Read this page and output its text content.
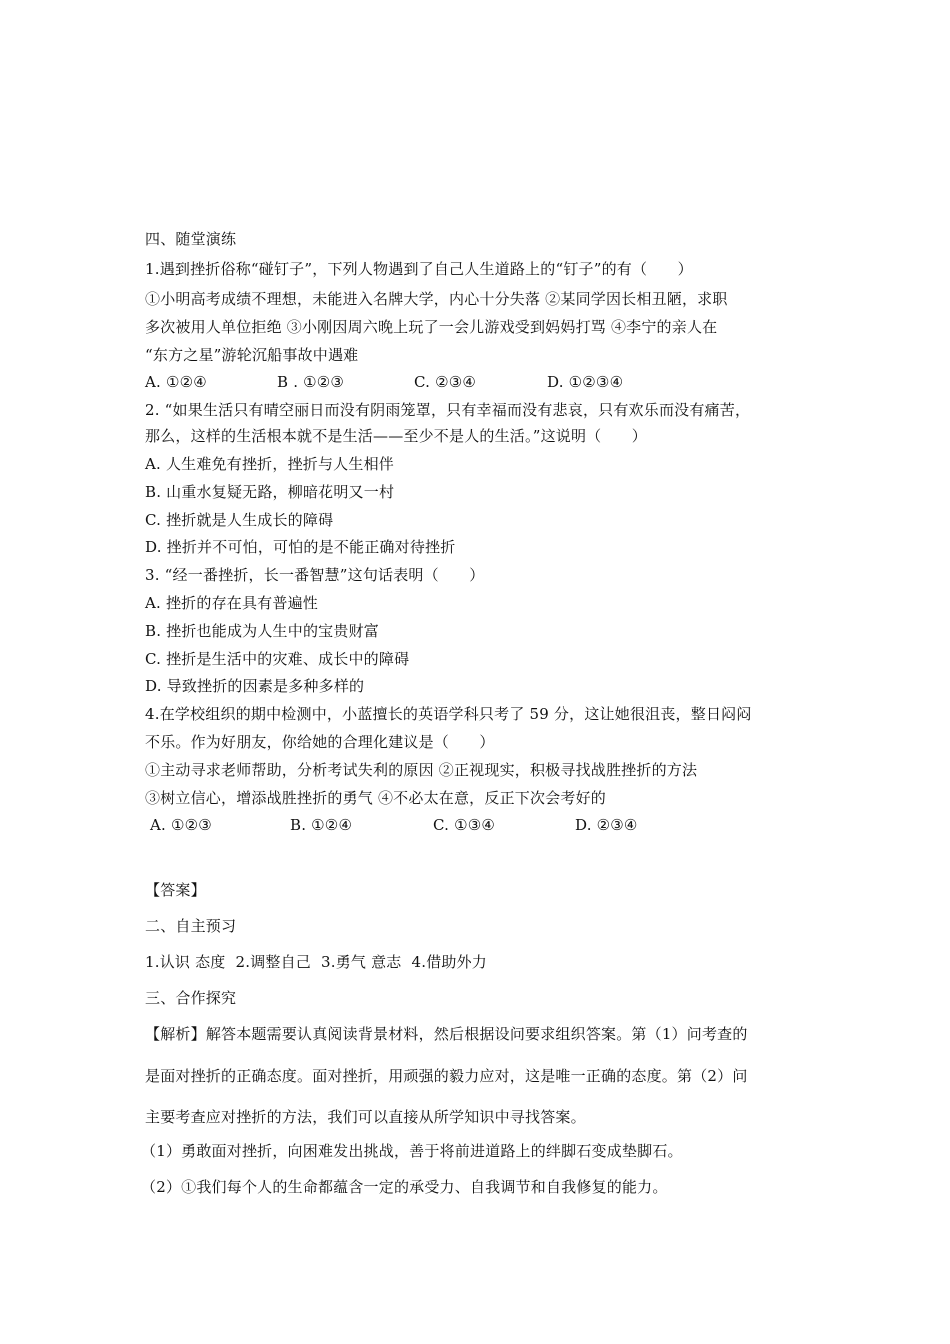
四、随堂演练
1.遇到挫折俗称“碰钉子”，下列人物遇到了自己人生道路上的“钉子”的有（　　）
①小明高考成绩不理想，未能进入名牌大学，内心十分失落 ②某同学因长相丑陋，求职
多次被用人单位拒绝 ③小刚因周六晚上玩了一会儿游戏受到妈妈打骂 ④李宁的亲人在
“东方之星”游轮沉船事故中遇难
A. ①②④	B . ①②③	C. ②③④	D. ①②③④
2. “如果生活只有晴空丽日而没有阴雨笼罩，只有幸福而没有悲哀，只有欢乐而没有痛苦，
那么，这样的生活根本就不是生活——至少不是人的生活。”这说明（　　）
A. 人生难免有挫折，挫折与人生相伴
B. 山重水复疑无路，柳暗花明又一村
C. 挫折就是人生成长的障碍
D. 挫折并不可怕，可怕的是不能正确对待挫折
3. “经一番挫折，长一番智慧”这句话表明（　　）
A. 挫折的存在具有普遍性
B. 挫折也能成为人生中的宝贵财富
C. 挫折是生活中的灾难、成长中的障碍
D. 导致挫折的因素是多种多样的
4.在学校组织的期中检测中，小蓝擅长的英语学科只考了 59 分，这让她很沮丧，整日闷闷
不乐。作为好朋友，你给她的合理化建议是（　　）
①主动寻求老师帮助，分析考试失利的原因 ②正视现实，积极寻找战胜挫折的方法
③树立信心，增添战胜挫折的勇气 ④不必太在意，反正下次会考好的
A. ①②③	B. ①②④	C. ①③④	D. ②③④
【答案】
二、自主预习
1.认识 态度 2.调整自己 3.勇气 意志 4.借助外力
三、合作探究
【解析】解答本题需要认真阅读背景材料，然后根据设问要求组织答案。第（1）问考查的
是面对挫折的正确态度。面对挫折，用顽强的毅力应对，这是唯一正确的态度。第（2）问
主要考查应对挫折的方法，我们可以直接从所学知识中寻找答案。
（1）勇敢面对挫折，向困难发出挑战，善于将前进道路上的绊脚石变成垫脚石。
（2）①我们每个人的生命都蕴含一定的承受力、自我调节和自我修复的能力。
